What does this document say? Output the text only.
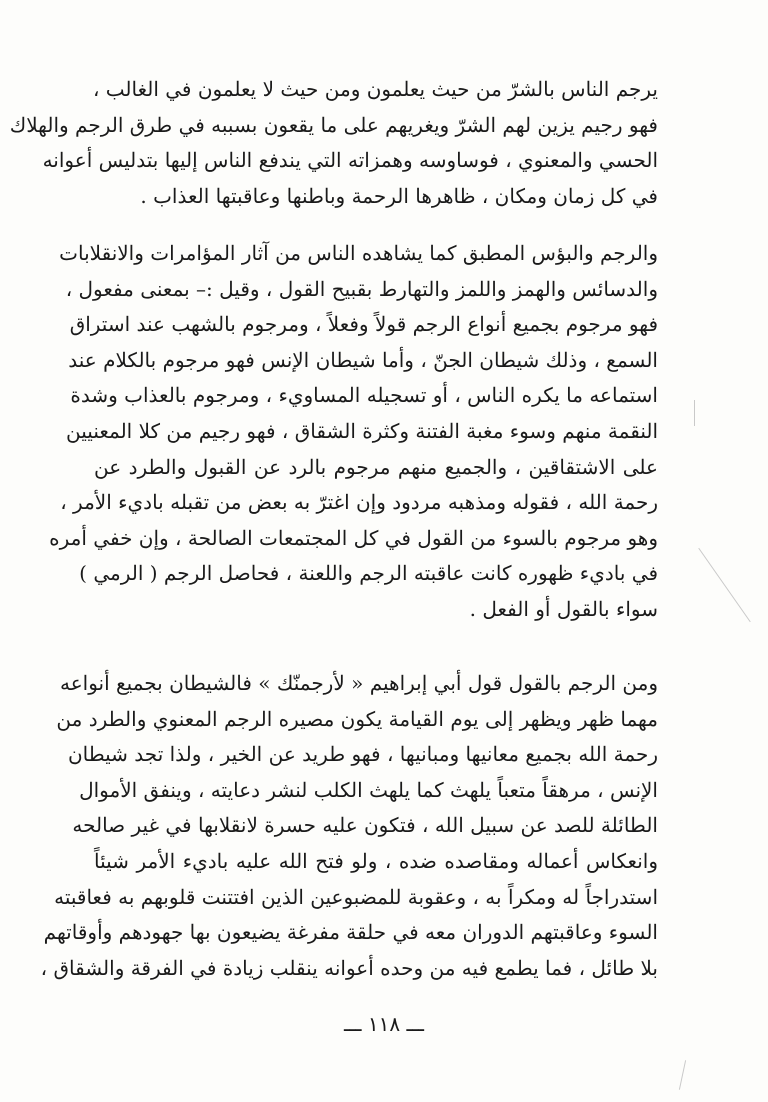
يرجم الناس بالشرّ من حيث يعلمون ومن حيث لا يعلمون في الغالب ،
فهو رجيم يزين لهم الشرّ ويغريهم على ما يقعون بسببه في طرق الرجم والهلاك
الحسي والمعنوي ، فوساوسه وهمزاته التي يندفع الناس إليها بتدليس أعوانه
في كل زمان ومكان ، ظاهرها الرحمة وباطنها وعاقبتها العذاب .
والرجم والبؤس المطبق كما يشاهده الناس من آثار المؤامرات والانقلابات
والدسائس والهمز واللمز والتهارط بقبيح القول ، وقيل :– بمعنى مفعول ،
فهو مرجوم بجميع أنواع الرجم قولاً وفعلاً ، ومرجوم بالشهب عند استراق
السمع ، وذلك شيطان الجنّ ، وأما شيطان الإنس فهو مرجوم بالكلام عند
استماعه ما يكره الناس ، أو تسجيله المساويء ، ومرجوم بالعذاب وشدة
النقمة منهم وسوء مغبة الفتنة وكثرة الشقاق ، فهو رجيم من كلا المعنيين
على الاشتقاقين ، والجميع منهم مرجوم بالرد عن القبول والطرد عن
رحمة الله ، فقوله ومذهبه مردود وإن اغترّ به بعض من تقبله باديء الأمر ،
وهو مرجوم بالسوء من القول في كل المجتمعات الصالحة ، وإن خفي أمره
في باديء ظهوره كانت عاقبته الرجم واللعنة ، فحاصل الرجم ( الرمي )
سواء بالقول أو الفعل .
ومن الرجم بالقول قول أبي إبراهيم « لأرجمنّك » فالشيطان بجميع أنواعه
مهما ظهر ويظهر إلى يوم القيامة يكون مصيره الرجم المعنوي والطرد من
رحمة الله بجميع معانيها ومبانيها ، فهو طريد عن الخير ، ولذا تجد شيطان
الإنس ، مرهقاً متعباً يلهث كما يلهث الكلب لنشر دعايته ، وينفق الأموال
الطائلة للصد عن سبيل الله ، فتكون عليه حسرة لانقلابها في غير صالحه
وانعكاس أعماله ومقاصده ضده ، ولو فتح الله عليه باديء الأمر شيئاً
استدراجاً له ومكراً به ، وعقوبة للمضبوعين الذين افتتنت قلوبهم به فعاقبته
السوء وعاقبتهم الدوران معه في حلقة مفرغة يضيعون بها جهودهم وأوقاتهم
بلا طائل ، فما يطمع فيه من وحده أعوانه ينقلب زيادة في الفرقة والشقاق ،
ـــ ١١٨ ـــ
